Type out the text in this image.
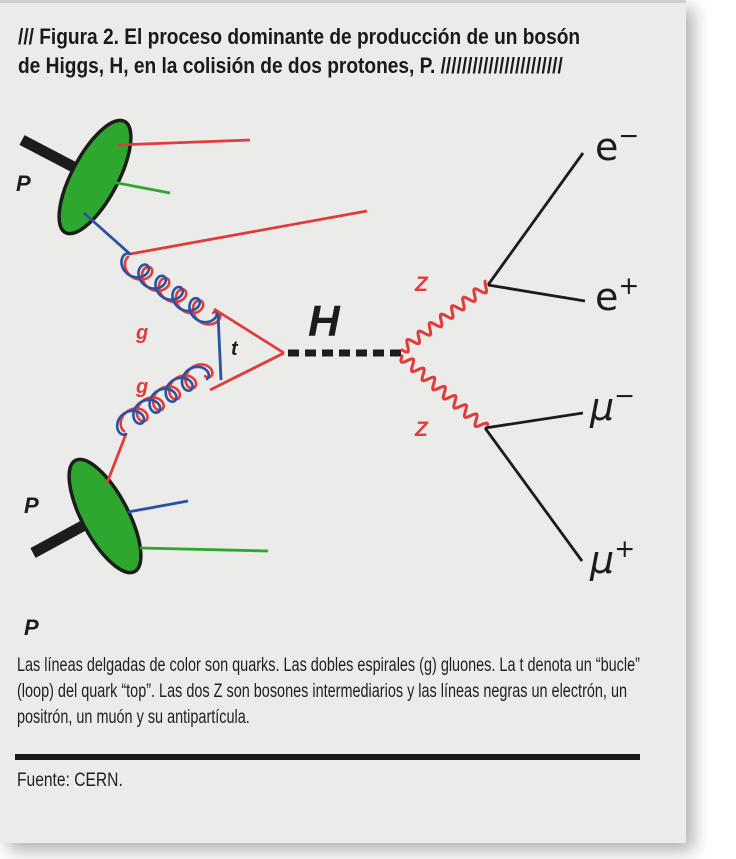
/// Figura 2. El proceso dominante de producción de un bosón
de Higgs, H, en la colisión de dos protones, P. ///////////////////////
P
P
P
g
g
t
H
Z
Z
e−
e+
μ−
μ+
Las líneas delgadas de color son quarks. Las dobles espirales (g) gluones. La t denota un “bucle”
(loop) del quark “top”. Las dos Z son bosones intermediarios y las líneas negras un electrón, un
positrón, un muón y su antipartícula.
Fuente: CERN.
